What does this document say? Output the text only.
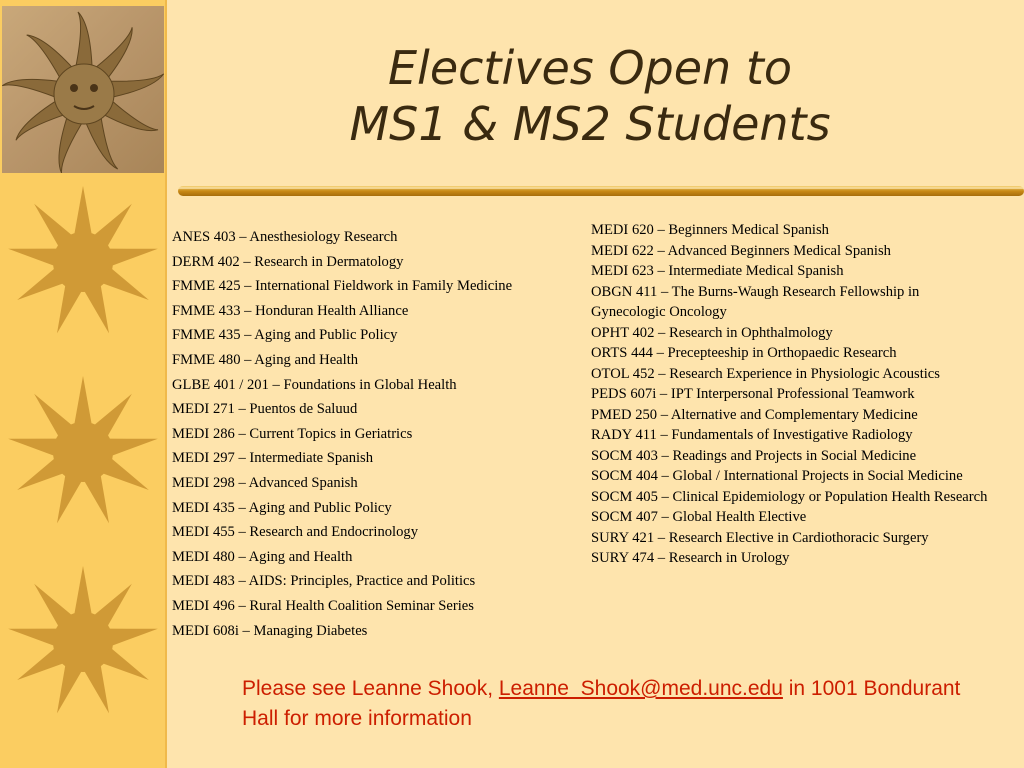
Electives Open to
MS1 & MS2 Students
ANES 403 – Anesthesiology Research
DERM 402 – Research in Dermatology
FMME 425 – International Fieldwork in Family Medicine
FMME 433 – Honduran Health Alliance
FMME 435 – Aging and Public Policy
FMME 480 – Aging and Health
GLBE 401 / 201 – Foundations in Global Health
MEDI 271 – Puentos de Saluud
MEDI 286 – Current Topics in Geriatrics
MEDI 297 – Intermediate Spanish
MEDI 298 – Advanced Spanish
MEDI 435 – Aging and Public Policy
MEDI 455 – Research and Endocrinology
MEDI 480 – Aging and Health
MEDI 483 – AIDS: Principles, Practice and Politics
MEDI 496 – Rural Health Coalition Seminar Series
MEDI 608i – Managing Diabetes
MEDI 620 – Beginners Medical Spanish
MEDI 622 – Advanced Beginners Medical Spanish
MEDI 623 – Intermediate Medical Spanish
OBGN 411 – The Burns-Waugh Research Fellowship in Gynecologic Oncology
OPHT 402 – Research in Ophthalmology
ORTS 444 – Precepteeship in Orthopaedic Research
OTOL 452 – Research Experience in Physiologic Acoustics
PEDS 607i – IPT Interpersonal Professional Teamwork
PMED 250 – Alternative and Complementary Medicine
RADY 411 – Fundamentals of Investigative Radiology
SOCM 403 – Readings and Projects in Social Medicine
SOCM 404 – Global / International Projects in Social Medicine
SOCM 405 – Clinical Epidemiology or Population Health Research
SOCM 407 – Global Health Elective
SURY 421 – Research Elective in Cardiothoracic Surgery
SURY 474 – Research in Urology
Please see Leanne Shook, Leanne_Shook@med.unc.edu in 1001 Bondurant Hall for more information
